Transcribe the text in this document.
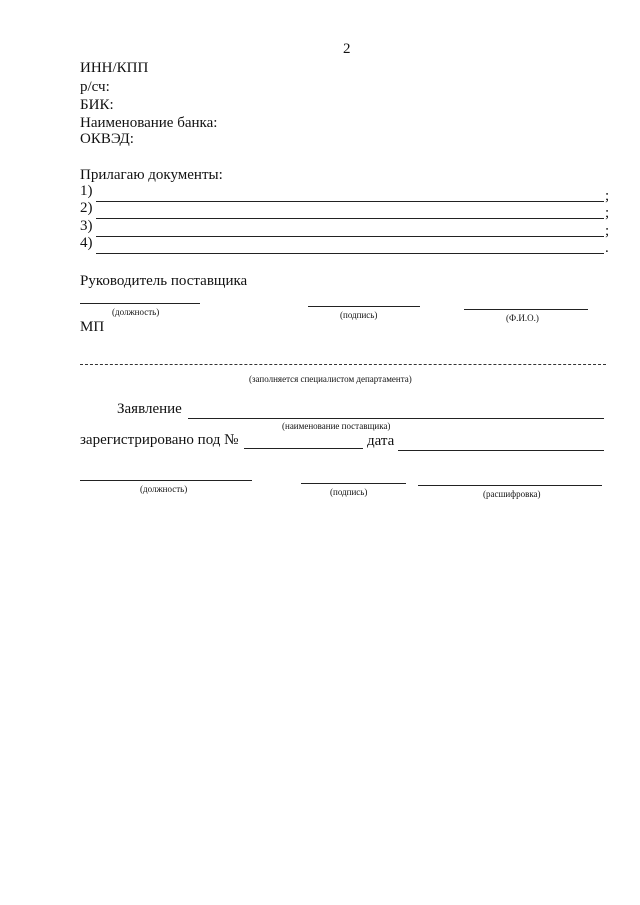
2
ИНН/КПП
р/сч:
БИК:
Наименование банка:
ОКВЭД:
Прилагаю документы:
1)	;
2)	;
3)	;
4)	.
Руководитель поставщика
(должность)	(подпись)	(Ф.И.О.)
МП
(заполняется специалистом департамента)
Заявление
(наименование поставщика)
зарегистрировано под №	дата
(должность)	(подпись)	(расшифровка)
